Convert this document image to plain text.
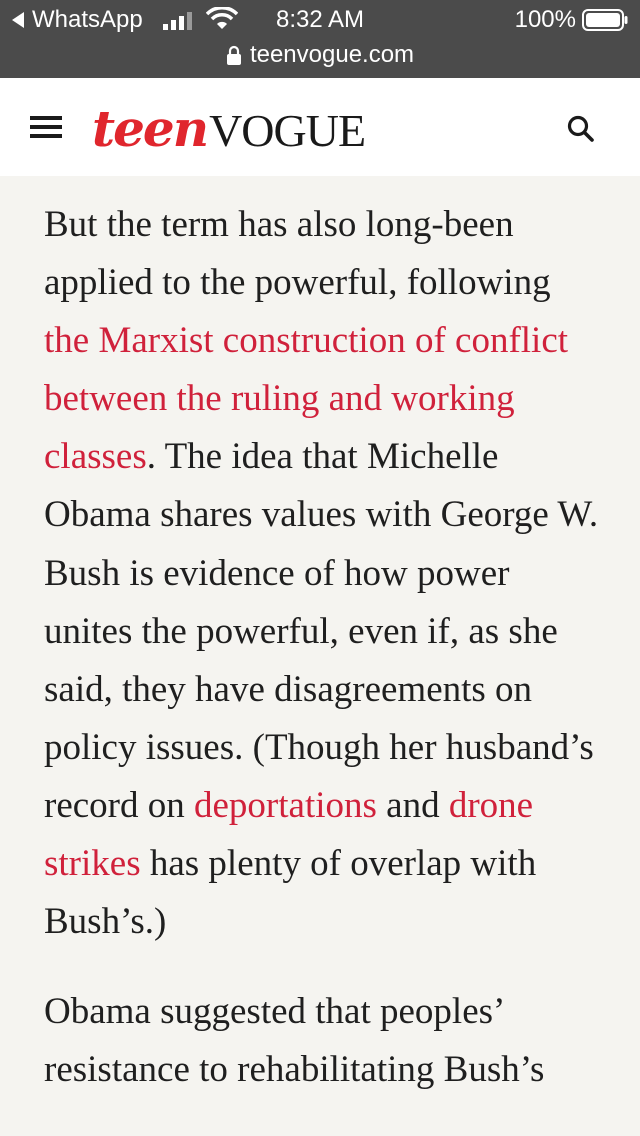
WhatsApp	8:32 AM	100%
teenvogue.com
teen VOGUE

But the term has also long-been applied to the powerful, following the Marxist construction of conflict between the ruling and working classes. The idea that Michelle Obama shares values with George W. Bush is evidence of how power unites the powerful, even if, as she said, they have disagreements on policy issues. (Though her husband’s record on deportations and drone strikes has plenty of overlap with Bush’s.)

Obama suggested that peoples’ resistance to rehabilitating Bush’s
